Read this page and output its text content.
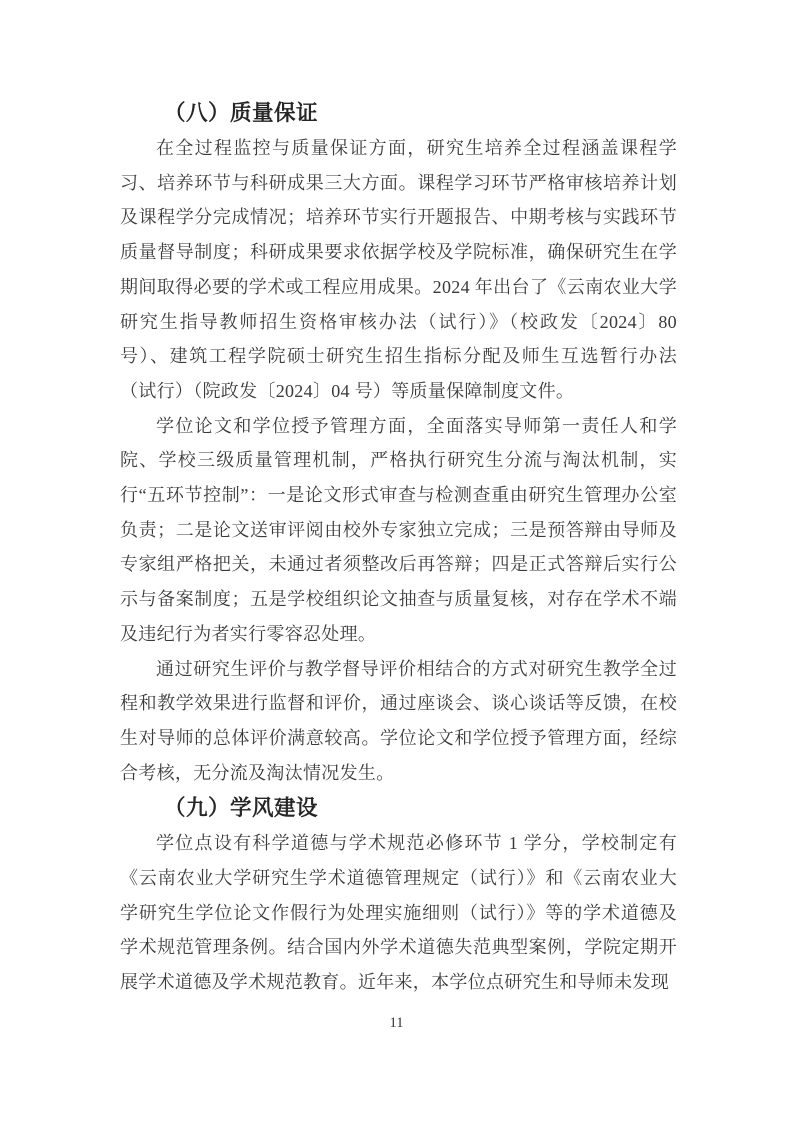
（八）质量保证

在全过程监控与质量保证方面，研究生培养全过程涵盖课程学习、培养环节与科研成果三大方面。课程学习环节严格审核培养计划及课程学分完成情况；培养环节实行开题报告、中期考核与实践环节质量督导制度；科研成果要求依据学校及学院标准，确保研究生在学期间取得必要的学术或工程应用成果。2024 年出台了《云南农业大学研究生指导教师招生资格审核办法（试行）》（校政发〔2024〕80 号）、建筑工程学院硕士研究生招生指标分配及师生互选暂行办法（试行）（院政发〔2024〕04 号）等质量保障制度文件。

学位论文和学位授予管理方面，全面落实导师第一责任人和学院、学校三级质量管理机制，严格执行研究生分流与淘汰机制，实行“五环节控制”：一是论文形式审查与检测查重由研究生管理办公室负责；二是论文送审评阅由校外专家独立完成；三是预答辩由导师及专家组严格把关，未通过者须整改后再答辩；四是正式答辩后实行公示与备案制度；五是学校组织论文抽查与质量复核，对存在学术不端及违纪行为者实行零容忍处理。

通过研究生评价与教学督导评价相结合的方式对研究生教学全过程和教学效果进行监督和评价，通过座谈会、谈心谈话等反馈，在校生对导师的总体评价满意较高。学位论文和学位授予管理方面，经综合考核，无分流及淘汰情况发生。

（九）学风建设

学位点设有科学道德与学术规范必修环节 1 学分，学校制定有《云南农业大学研究生学术道德管理规定（试行）》和《云南农业大学研究生学位论文作假行为处理实施细则（试行）》等的学术道德及学术规范管理条例。结合国内外学术道德失范典型案例，学院定期开展学术道德及学术规范教育。近年来，本学位点研究生和导师未发现

11
